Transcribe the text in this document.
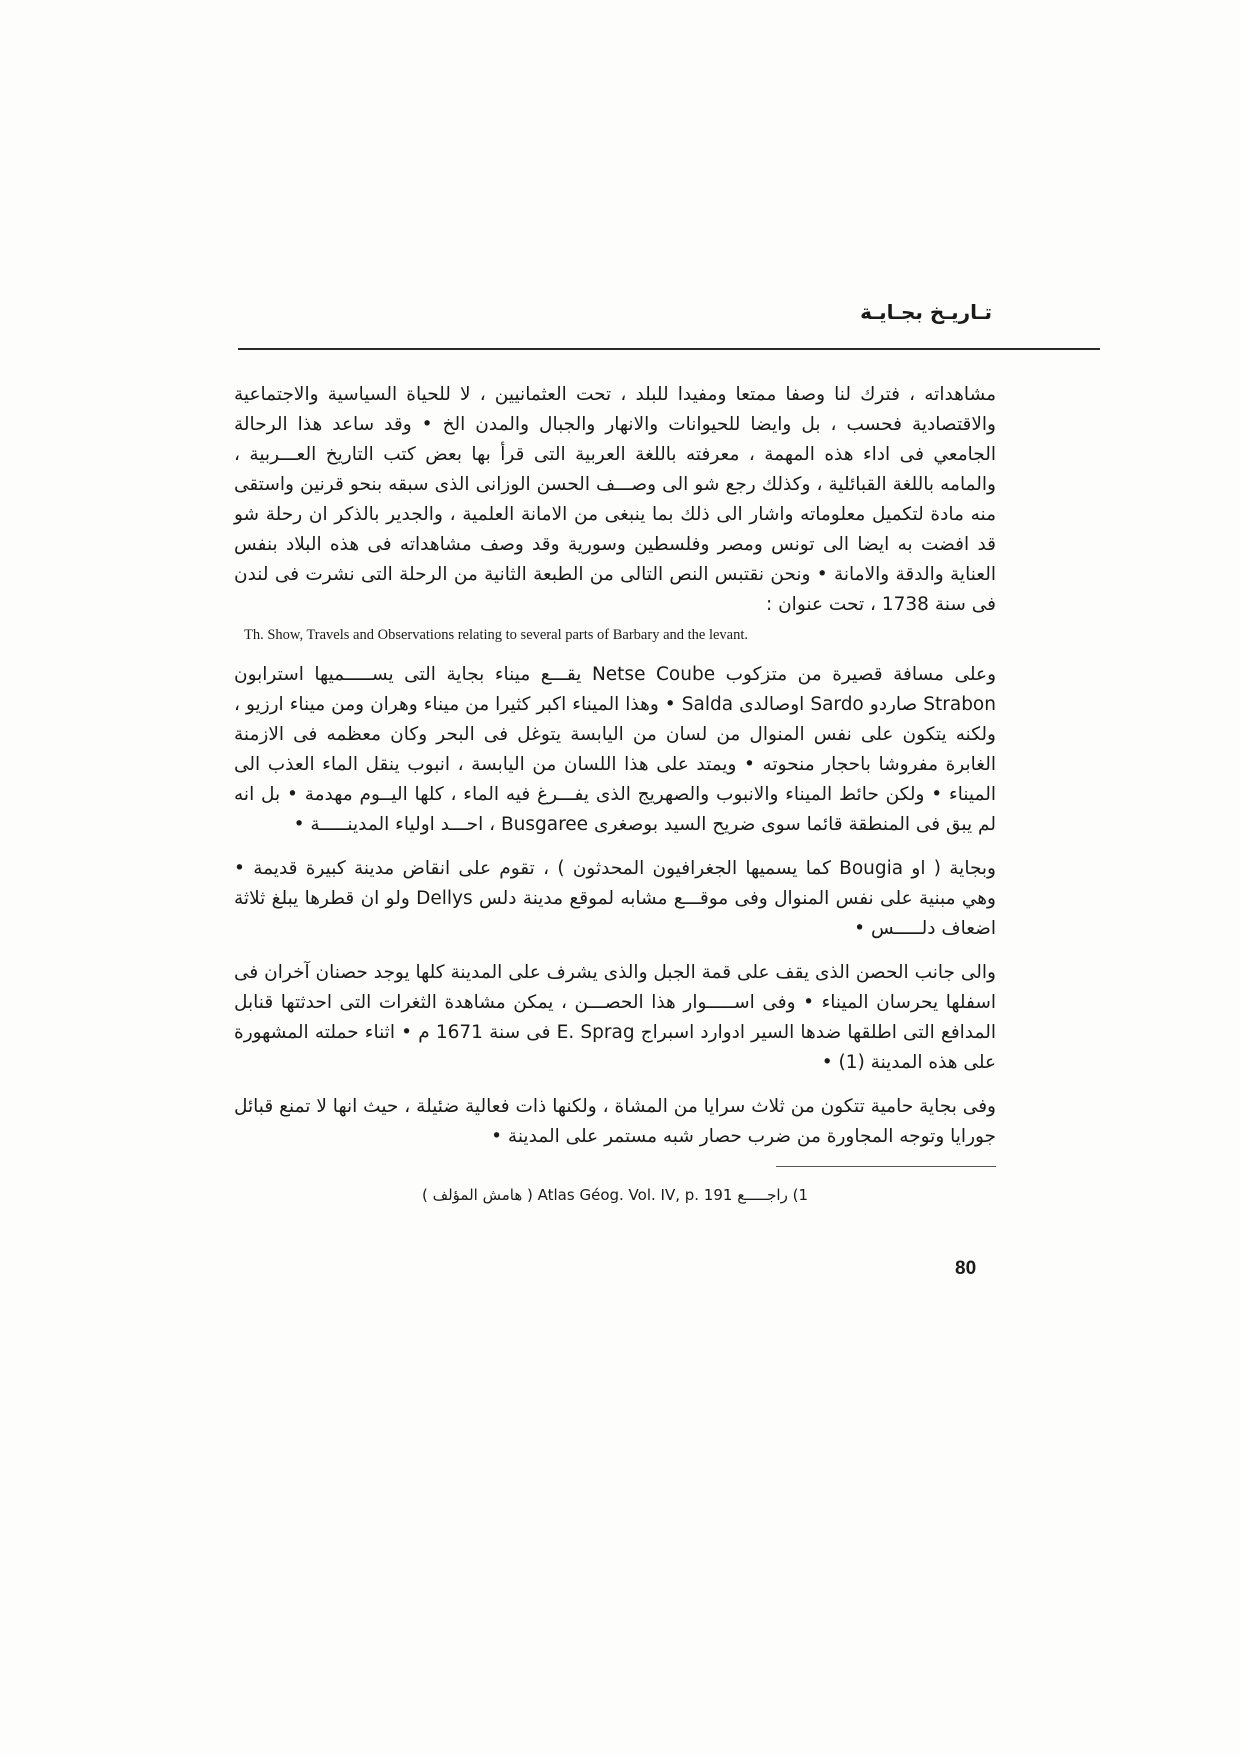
تـاريـخ بجـايـة

مشاهداته ، فترك لنا وصفا ممتعا ومفيدا للبلد ، تحت العثمانيين ، لا للحياة السياسية والاجتماعية والاقتصادية فحسب ، بل وايضا للحيوانات والانهار والجبال والمدن الخ • وقد ساعد هذا الرحالة الجامعي فى اداء هذه المهمة ، معرفته باللغة العربية التى قرأ بها بعض كتب التاريخ العـــربية ، والمامه باللغة القبائلية ، وكذلك رجع شو الى وصـــف الحسن الوزانى الذى سبقه بنحو قرنين واستقى منه مادة لتكميل معلوماته واشار الى ذلك بما ينبغى من الامانة العلمية ، والجدير بالذكر ان رحلة شو قد افضت به ايضا الى تونس ومصر وفلسطين وسورية وقد وصف مشاهداته فى هذه البلاد بنفس العناية والدقة والامانة • ونحن نقتبس النص التالى من الطبعة الثانية من الرحلة التى نشرت فى لندن فى سنة 1738 ، تحت عنوان :

Th. Show, Travels and Observations relating to several parts of Barbary and the levant.

وعلى مسافة قصيرة من متزكوب Netse Coube يقـــع ميناء بجاية التى يســـــميها استرابون Strabon صاردو Sardo اوصالدى Salda • وهذا الميناء اكبر كثيرا من ميناء وهران ومن ميناء ارزيو ، ولكنه يتكون على نفس المنوال من لسان من اليابسة يتوغل فى البحر وكان معظمه فى الازمنة الغابرة مفروشا باحجار منحوته • ويمتد على هذا اللسان من اليابسة ، انبوب ينقل الماء العذب الى الميناء • ولكن حائط الميناء والانبوب والصهريج الذى يفـــرغ فيه الماء ، كلها اليــوم مهدمة • بل انه لم يبق فى المنطقة قائما سوى ضريح السيد بوصغرى Busgaree ، احـــد اولياء المدينـــــة •

وبجاية ( او Bougia كما يسميها الجغرافيون المحدثون ) ، تقوم على انقاض مدينة كبيرة قديمة • وهي مبنية على نفس المنوال وفى موقـــع مشابه لموقع مدينة دلس Dellys ولو ان قطرها يبلغ ثلاثة اضعاف دلـــــس •

والى جانب الحصن الذى يقف على قمة الجبل والذى يشرف على المدينة كلها يوجد حصنان آخران فى اسفلها يحرسان الميناء • وفى اســـــوار هذا الحصـــن ، يمكن مشاهدة الثغرات التى احدثتها قنابل المدافع التى اطلقها ضدها السير ادوارد اسبراج E. Sprag فى سنة 1671 م • اثناء حملته المشهورة على هذه المدينة (1) •

وفى بجاية حامية تتكون من ثلاث سرايا من المشاة ، ولكنها ذات فعالية ضئيلة ، حيث انها لا تمنع قبائل جورايا وتوجه المجاورة من ضرب حصار شبه مستمر على المدينة •

1) راجـــــع Atlas Géog. Vol. IV, p. 191 ( هامش المؤلف )

80
